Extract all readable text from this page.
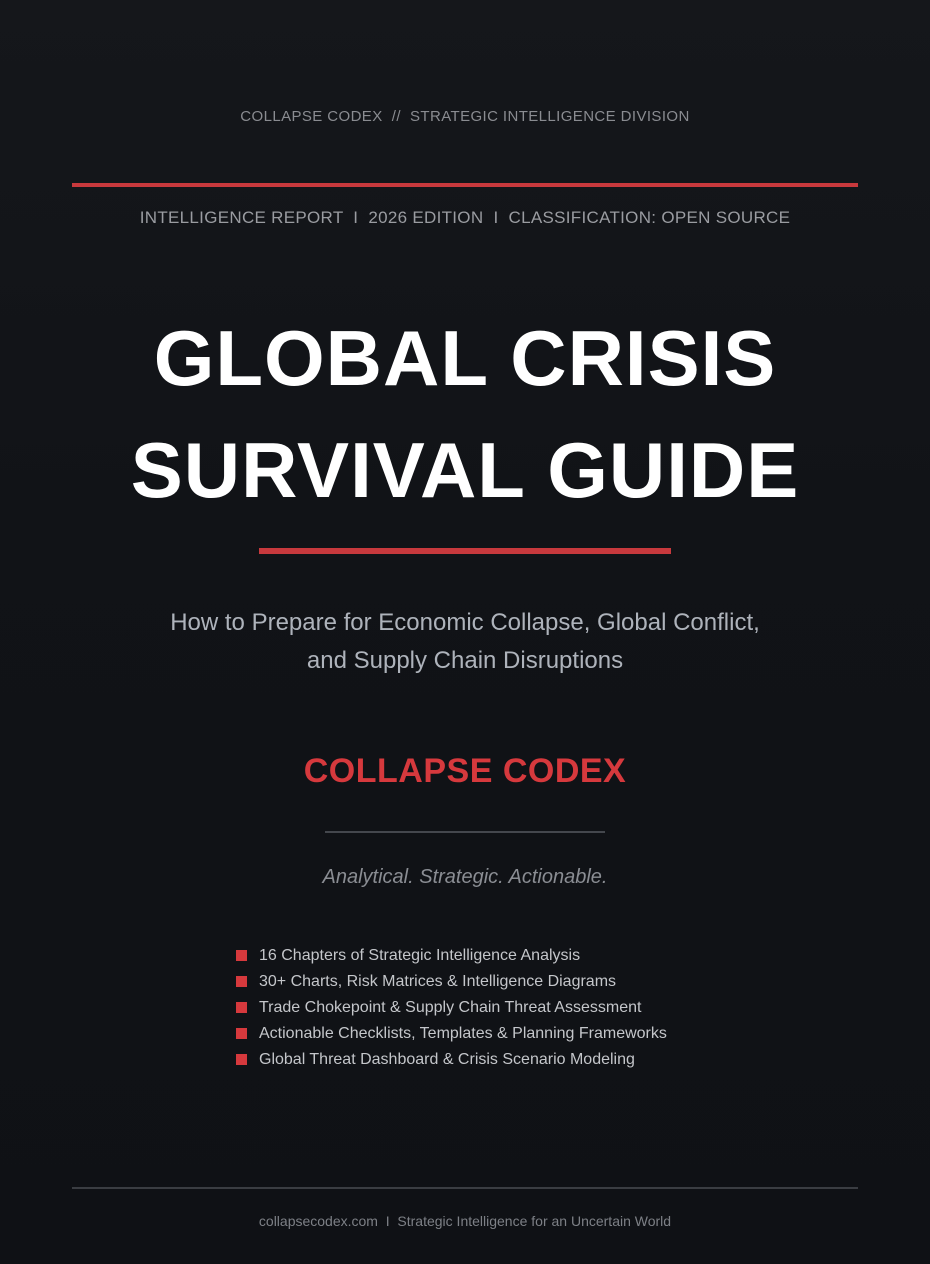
COLLAPSE CODEX  //  STRATEGIC INTELLIGENCE DIVISION
INTELLIGENCE REPORT  I  2026 EDITION  I  CLASSIFICATION: OPEN SOURCE
GLOBAL CRISIS
SURVIVAL GUIDE
How to Prepare for Economic Collapse, Global Conflict,
and Supply Chain Disruptions
COLLAPSE CODEX
Analytical. Strategic. Actionable.
16 Chapters of Strategic Intelligence Analysis
30+ Charts, Risk Matrices & Intelligence Diagrams
Trade Chokepoint & Supply Chain Threat Assessment
Actionable Checklists, Templates & Planning Frameworks
Global Threat Dashboard & Crisis Scenario Modeling
collapsecodex.com  I  Strategic Intelligence for an Uncertain World
